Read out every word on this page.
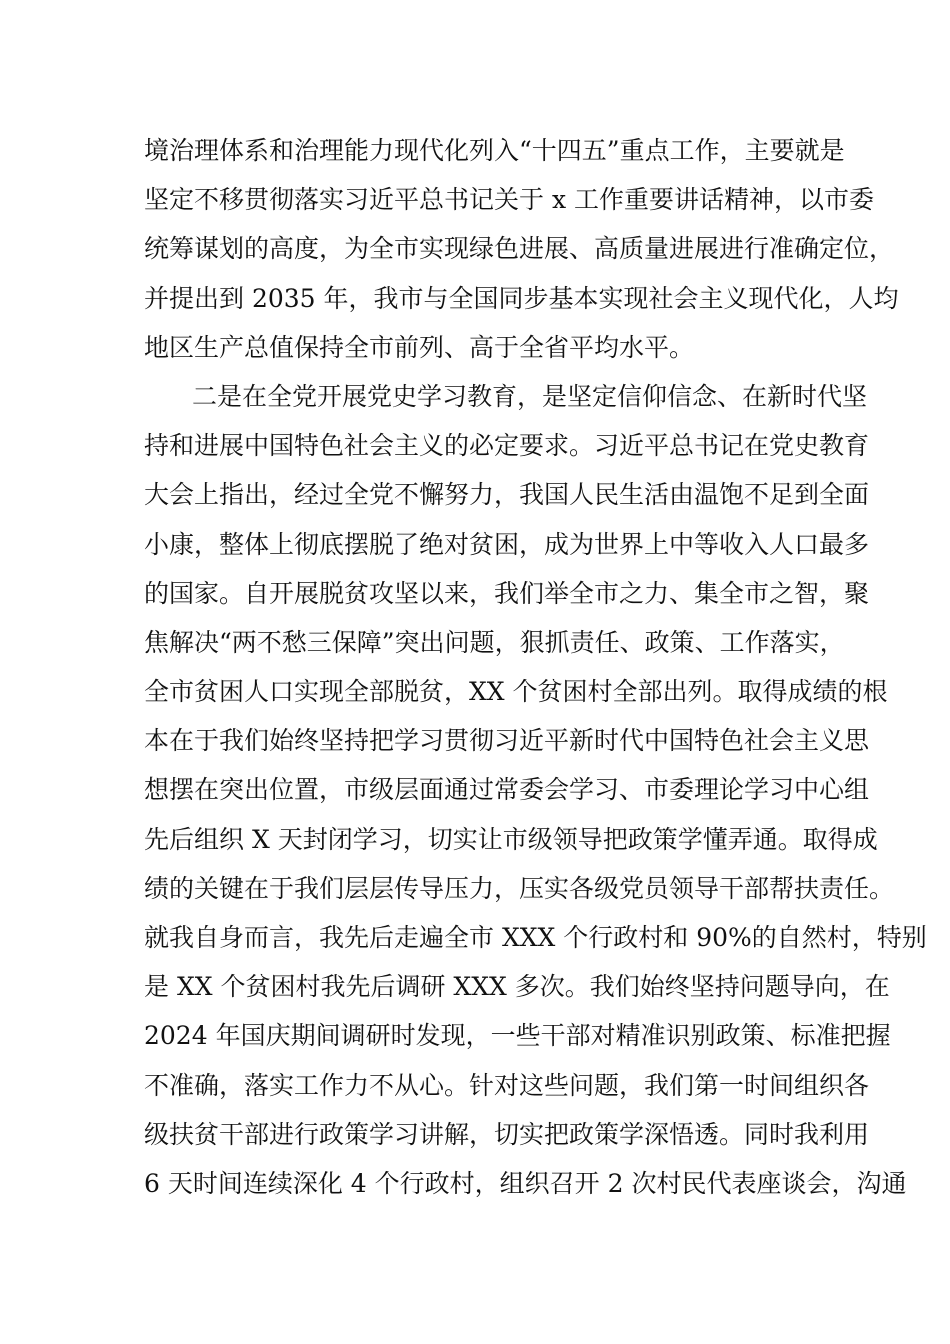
境治理体系和治理能力现代化列入“十四五”重点工作，主要就是
坚定不移贯彻落实习近平总书记关于 x 工作重要讲话精神，以市委
统筹谋划的高度，为全市实现绿色进展、高质量进展进行准确定位，
并提出到 2035 年，我市与全国同步基本实现社会主义现代化，人均
地区生产总值保持全市前列、高于全省平均水平。
二是在全党开展党史学习教育，是坚定信仰信念、在新时代坚
持和进展中国特色社会主义的必定要求。习近平总书记在党史教育
大会上指出，经过全党不懈努力，我国人民生活由温饱不足到全面
小康，整体上彻底摆脱了绝对贫困，成为世界上中等收入人口最多
的国家。自开展脱贫攻坚以来，我们举全市之力、集全市之智，聚
焦解决“两不愁三保障”突出问题，狠抓责任、政策、工作落实，
全市贫困人口实现全部脱贫，XX 个贫困村全部出列。取得成绩的根
本在于我们始终坚持把学习贯彻习近平新时代中国特色社会主义思
想摆在突出位置，市级层面通过常委会学习、市委理论学习中心组
先后组织 X 天封闭学习，切实让市级领导把政策学懂弄通。取得成
绩的关键在于我们层层传导压力，压实各级党员领导干部帮扶责任。
就我自身而言，我先后走遍全市 XXX 个行政村和 90%的自然村，特别
是 XX 个贫困村我先后调研 XXX 多次。我们始终坚持问题导向，在
2024 年国庆期间调研时发现，一些干部对精准识别政策、标准把握
不准确，落实工作力不从心。针对这些问题，我们第一时间组织各
级扶贫干部进行政策学习讲解，切实把政策学深悟透。同时我利用
6 天时间连续深化 4 个行政村，组织召开 2 次村民代表座谈会，沟通
